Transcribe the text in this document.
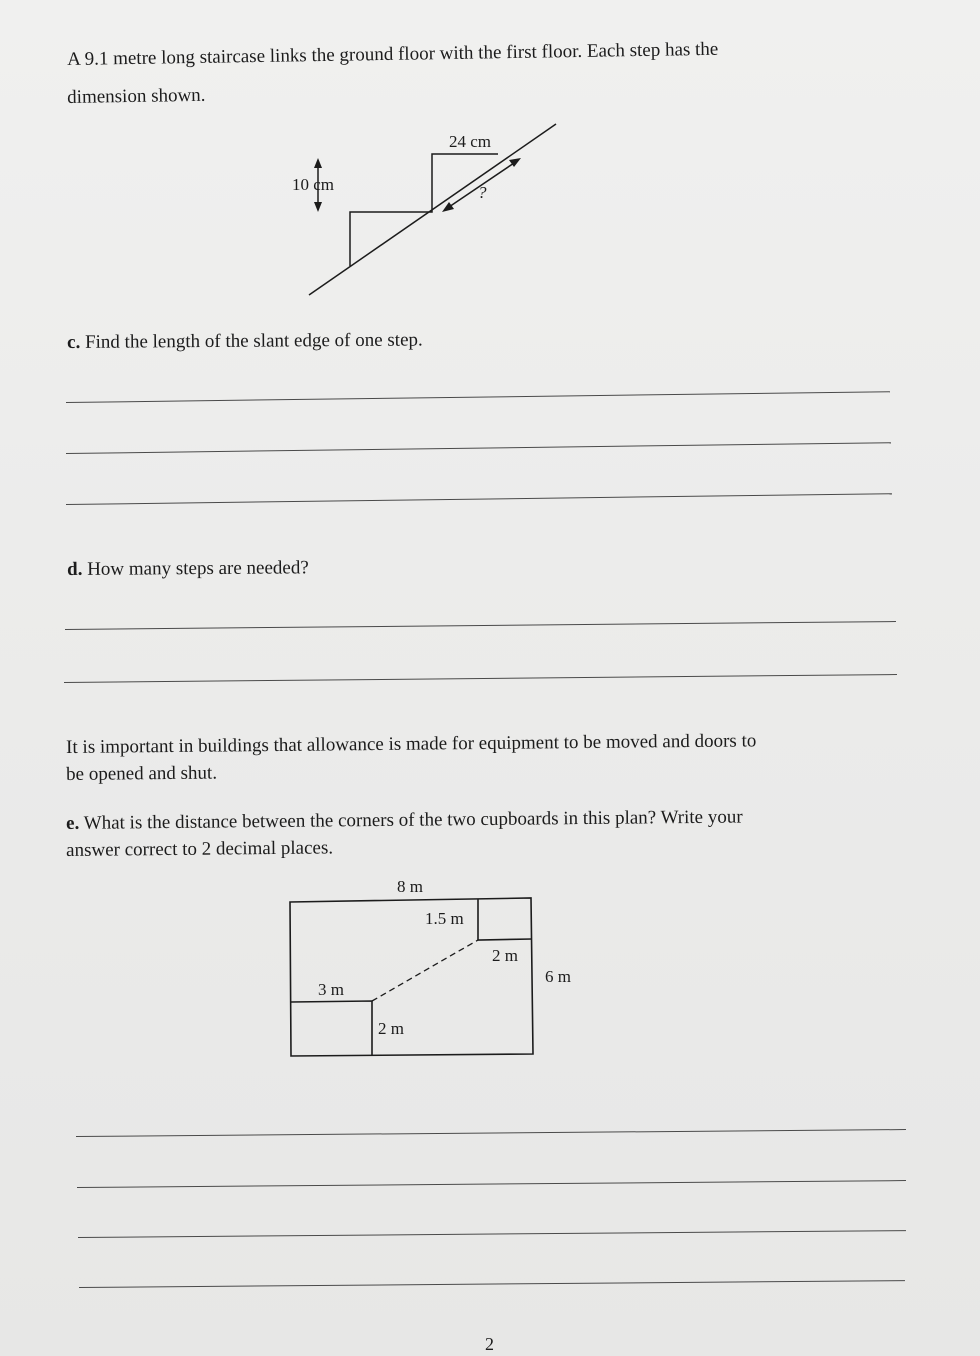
A 9.1 metre long staircase links the ground floor with the first floor. Each step has the
dimension shown.
24 cm
10 cm	?
c. Find the length of the slant edge of one step.
d. How many steps are needed?
It is important in buildings that allowance is made for equipment to be moved and doors to
be opened and shut.
e. What is the distance between the corners of the two cupboards in this plan? Write your
answer correct to 2 decimal places.
8 m
1.5 m
2 m
6 m
3 m
2 m
2
